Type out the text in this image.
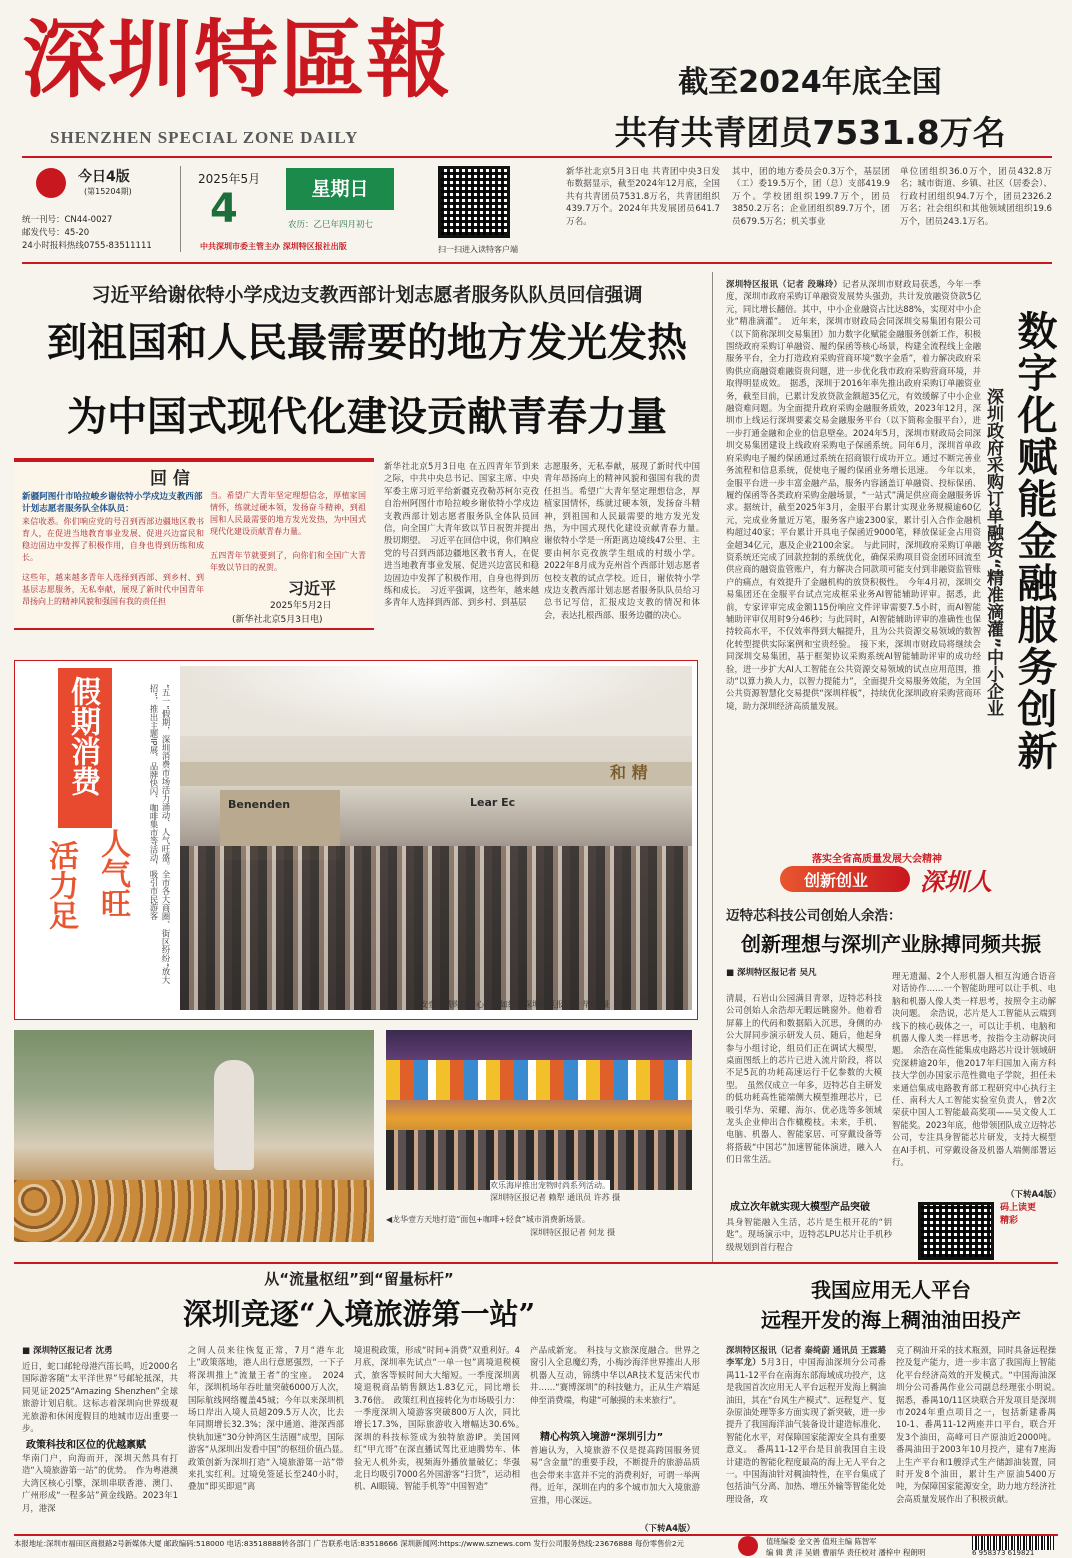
深圳特區報
SHENZHEN SPECIAL ZONE DAILY
截至2024年底全国
共有共青团员7531.8万名
今日4版
(第15204期)
统一刊号：CN44-0027
邮发代号：45-20
24小时报料热线0755-83511111
2025年5月
4	星期日
农历：乙巳年四月初七
中共深圳市委主管主办 深圳特区报社出版	扫一扫进入读特客户端
新华社北京5月3日电 共青团中央3日发布数据显示，截至2024年12月底，全国共有共青团员7531.8万名，共青团组织439.7万个。2024年共发展团员641.7万名。
其中，团的地方委员会0.3万个，基层团（工）委19.5万个，团（总）支部419.9万个。学校团组织199.7万个，团员3850.2万名；企业团组织89.7万个，团员679.5万名；机关事业
单位团组织36.0万个，团员432.8万名；城市街道、乡镇、社区（居委会）、行政村团组织94.7万个，团员2326.2万名；社会组织和其他领域团组织19.6万个，团员243.1万名。
习近平给谢依特小学戍边支教西部计划志愿者服务队队员回信强调
到祖国和人民最需要的地方发光发热
为中国式现代化建设贡献青春力量
回 信
新疆阿图什市哈拉峻乡谢依特小学戍边支教西部计划志愿者服务队全体队员：
来信收悉。你们响应党的号召到西部边疆地区教书育人，在促进当地教育事业发展、促进兴边富民和稳边固边中发挥了积极作用，自身也得到历练和成长。
这些年，越来越多青年人选择到西部、到乡村、到基层志愿服务，无私奉献，展现了新时代中国青年昂扬向上的精神风貌和强国有我的责任担
当。希望广大青年坚定理想信念，厚植家国情怀，练就过硬本领，发扬奋斗精神，到祖国和人民最需要的地方发光发热，为中国式现代化建设贡献青春力量。
五四青年节就要到了，向你们和全国广大青年致以节日的祝贺。
习近平
2025年5月2日
(新华社北京5月3日电)
新华社北京5月3日电 在五四青年节到来之际，中共中央总书记、国家主席、中央军委主席习近平给新疆克孜勒苏柯尔克孜自治州阿图什市哈拉峻乡谢依特小学戍边支教西部计划志愿者服务队全体队员回信，向全国广大青年致以节日祝贺并提出殷切期望。　习近平在回信中说，你们响应党的号召到西部边疆地区教书育人，在促进当地教育事业发展、促进兴边富民和稳边固边中发挥了积极作用，自身也得到历练和成长。　习近平强调，这些年，越来越多青年人选择到西部、到乡村、到基层
志愿服务，无私奉献，展现了新时代中国青年昂扬向上的精神风貌和强国有我的责任担当。希望广大青年坚定理想信念，厚植家国情怀，练就过硬本领，发扬奋斗精神，到祖国和人民最需要的地方发光发热，为中国式现代化建设贡献青春力量。　谢依特小学是一所距离边境线47公里、主要由柯尔克孜族学生组成的村级小学。2022年8月成为克州首个西部计划志愿者包校支教的试点学校。近日，谢依特小学戍边支教西部计划志愿者服务队队员给习总书记写信，汇报戍边支教的情况和体会，表达扎根西部、服务边疆的决心。
假期消费
活力足 人气旺	“五一”假期，深圳消费市场活力涌动、人气旺盛。全市各大商圈、街区纷纷“放大招”，推出主题IP展、品牌快闪、咖啡集市等活动，吸引市民游客	Benenden	Lear Ec
和 精
宝安壹方城购物中心人流如织。深圳特区报记者 毕晗 摄
欢乐海岸推出宠物时尚系列活动。
深圳特区报记者 赖犁 通讯员 许苏 摄
◀龙华壹方天地打造“面包+咖啡+轻食”城市消费新场景。
深圳特区报记者 何龙 摄
深圳特区报讯（记者 段琳玲）记者从深圳市财政局获悉，今年一季度，深圳市政府采购订单融资发展势头强劲，共计发放融资贷款5亿元，同比增长翻倍。其中，中小企业融资占比达88%，实现对中小企业“精准滴灌”。　近年来，深圳市财政局会同深圳交易集团有限公司（以下简称深圳交易集团）加力数字化赋能金融服务创新工作，积极围绕政府采购订单融资、履约保函等核心场景，构建全流程线上金融服务平台，全力打造政府采购营商环境“数字金盾”，着力解决政府采购供应商融资难融资贵问题，进一步优化我市政府采购营商环境，并取得明显成效。　据悉，深圳于2016年率先推出政府采购订单融资业务，截至目前，已累计发放贷款金额超35亿元，有效缓解了中小企业融资难问题。为全面提升政府采购金融服务质效，2023年12月，深圳市上线运行深圳要素交易金融服务平台（以下简称金服平台），进一步打通金融和企业的信息壁垒。2024年5月，深圳市财政局会同深圳交易集团建设上线政府采购电子保函系统。同年6月，深圳首单政府采购电子履约保函通过系统在招商银行成功开立。通过不断完善业务流程和信息系统，促使电子履约保函业务增长迅速。　今年以来，金服平台进一步丰富金融产品，服务内容涵盖订单融资、投标保函、履约保函等各类政府采购金融场景，“一站式”满足供应商金融服务诉求。据统计，截至2025年3月，金服平台累计实现业务规模逾60亿元，完成业务量近万笔，服务客户逾2300家，累计引入合作金融机构超过40家；平台累计开具电子保函近9000笔，释放保证金占用资金超34亿元，惠及企业2100余家。　与此同时，深圳政府采购订单融资系统还完成了回款控制的系统优化，确保采购项目资金团环回流至供应商的融资监管账户，有力解决合同款项可能支付到非融资监管账户的痛点，有效提升了金融机构的放贷积极性。　今年4月初，深圳交易集团还在金服平台试点完成框采业务AI智能辅助评审。据悉，此前，专家评审完成金额115份响应文件评审需要7.5小时，而AI智能辅助评审仅用时9分46秒；与此同时，AI智能辅助评审的准确性也保持较高水平，不仅效率得到大幅提升，且为公共资源交易领域的数智化转型提供实际案例和宝贵经验。　接下来，深圳市财政局将继续会同深圳交易集团，基于框架协议采购系统AI智能辅助评审的成功经验，进一步扩大AI人工智能在公共资源交易领域的试点应用范围，推动“以算力换人力，以智力提能力”，全面提升交易服务效能，为全国公共资源智慧化交易提供“深圳样板”，持续优化深圳政府采购营商环境，助力深圳经济高质量发展。	数字化赋能金融服务创新
深圳政府采购订单融资“精准滴灌”中小企业
落实全省高质量发展大会精神
创新创业 深圳人
迈特芯科技公司创始人余浩：
创新理想与深圳产业脉搏同频共振
■ 深圳特区报记者 吴凡
清晨，石岩山公园满目青翠，迈特芯科技公司创始人余浩却无暇远眺窗外。他着看屏幕上的代码和数据陷入沉思，身侧的办公大屏同步演示研发人员、随后，他起身参与小组讨论，组员们正在调试大模型，桌面图纸上的芯片已进入流片阶段，将以不足5瓦的功耗高速运行千亿参数的大模型。　虽然仅成立一年多，迈特芯自主研发的低功耗高性能端侧大模型推理芯片，已吸引华为、荣耀、海尔、优必选等多领域龙头企业伸出合作橄榄枝。未来，手机、电脑、机器人、智能家居、可穿戴设备等将搭载“中国芯”加速智能体演进，融入人们日常生活。
理无遗漏、2个人形机器人相互沟通合语音对话协作……一个智能助理可以让手机、电脑和机器人像人类一样思考，按照令主动解决问题。　余浩说，芯片是人工智能从云端到线下的核心载体之一，可以让手机、电脑和机器人像人类一样思考，按指令主动解决问题。　余浩在高性能集成电路芯片设计领域研究深耕逾20年，他2017年归国加入南方科技大学创办国家示范性微电子学院，担任未来通信集成电路教育部工程研究中心执行主任、南科大人工智能实验室负责人，曾2次荣获中国人工智能最高奖项——吴文俊人工智能奖。2023年底，他带领团队成立迈特芯公司，专注具身智能芯片研发，支持大模型在AI手机、可穿戴设备及机器人端侧部署运行。
（下转A4版）
成立次年就实现大模型产品突破
具身智能融入生活，芯片是生根开花的“钥匙”。现场演示中，迈特芯LPU芯片让手机秒级规划到首行程合
码上读更精彩
从“流量枢纽”到“留量标杆”
深圳竞逐“入境旅游第一站”
■ 深圳特区报记者 沈勇
近日，蛇口邮轮母港汽笛长鸣，近2000名国际游客随“太平洋世界”号邮轮抵深，共同见证2025“Amazing Shenzhen”全球旅游计划启航。这标志着深圳向世界级观光旅游和休闲度假目的地城市迈出重要一步。
政策科技和区位的优越禀赋
华南门户，向海而开，深圳天然具有打造“入境旅游第一站”的优势。　作为粤港澳大湾区核心引擎，深圳串联香港、澳门、广州形成“一程多站”黄金线路。2023年1月，港深
之间人员来往恢复正常，7月“港车北上”政策落地，港人出行意愿强烈，一下子将深圳推上“流量王者”的宝座。　2024年，深圳机场年吞吐量突破6000万人次，国际航线网络覆盖45城；今年以来深圳机场口岸出入境人员超209.5万人次，比去年同期增长32.3%；深中通道、港深西部快轨加速“30分钟湾区生活圈”成型，国际游客“从深圳出发看中国”的枢纽价值凸显。　政策创新为深圳打造“入境旅游第一站”带来扎实红利。过境免签延长至240小时，叠加“即买即退”离
境退税政策，形成“时间+消费”双重利好。4月底，深圳率先试点“一单一包”离境退税模式，旅客等候时间大大缩短。一季度深圳离境退税商品销售额达1.83亿元，同比增长3.76倍。　政策红利直接转化为市场吸引力：一季度深圳入境游客突破800万人次，同比增长17.3%，国际旅游收入增幅达30.6%。　深圳的科技标签成为独特旅游IP。美国网红“甲亢哥”在深直播试驾比亚迪腾势车、体验无人机外卖，视频海外播放量破亿；华强北日均吸引7000名外国游客“扫货”，运动相机、AI眼镜、智能手机等“中国智造”
产品成新宠。　科技与文旅深度融合。世界之窗引入全息魔幻秀，小梅沙海洋世界推出人形机器人互动，锦绣中华以AR技术复活宋代市井……“赛博深圳”的科技魅力，正从生产端延伸至消费端，构建“可触摸的未来旅行”。
精心构筑入境游“深圳引力”
普遍认为，入境旅游不仅是提高跨国服务贸易“含金量”的重要手段，不断提升的旅游品质也会带来丰富并不完的消费利好，可谓一举两得。近年，深圳在内的多个城市加大入境旅游宣推，用心深远。
（下转A4版）
我国应用无人平台
远程开发的海上稠油油田投产
深圳特区报讯（记者 秦绮蔚 通讯员 王霖璐 李军龙）5月3日，中国海油深圳分公司番禺11-12平台在南海东部海域成功投产，这是我国首次应用无人平台远程开发海上稠油油田，其在“台风生产模式”、远程复产、复杂原油处理等多方面实现了新突破，进一步提升了我国海洋油气装备设计建造标准化、智能化水平，对保障国家能源安全具有重要意义。　番禺11-12平台是目前我国自主设计建造的智能化程度最高的海上无人平台之一。中国海油针对稠油特性，在平台集成了包括油气分离、加热、增压外输等智能化处理设备，攻
克了稠油开采的技术瓶颈，同时具备远程操控及复产能力，进一步丰富了我国海上智能化平台经济高效的开发模式。“中国海油深圳分公司番禺作业公司副总经理张小明说。　据悉，番禺10/11区块联合开发项目是深圳市2024年重点项目之一，包括新建番禺10-1、番禺11-12两座井口平台，联合开发3个油田，高峰可日产原油近2000吨。番禺油田于2003年10月投产，建有7座海上生产平台和1艘浮式生产储卸油装置，同时开发8个油田，累计生产原油5400万吨，为保障国家能源安全，助力地方经济社会高质量发展作出了积极贡献。
本报地址:深圳市福田区商报路2号新媒体大厦 邮政编码:518000 电话:83518888转各部门 广告联系电话:83518666 深圳新闻网:https://www.sznews.com 发行公司服务热线:23676888 每份零售价2元	值班编委 金文善 值班主编 陈智军
编 辑 黄 洋 吴娟 曹丽华 责任校对 潘梓中 程朗明	6 958373 619821
